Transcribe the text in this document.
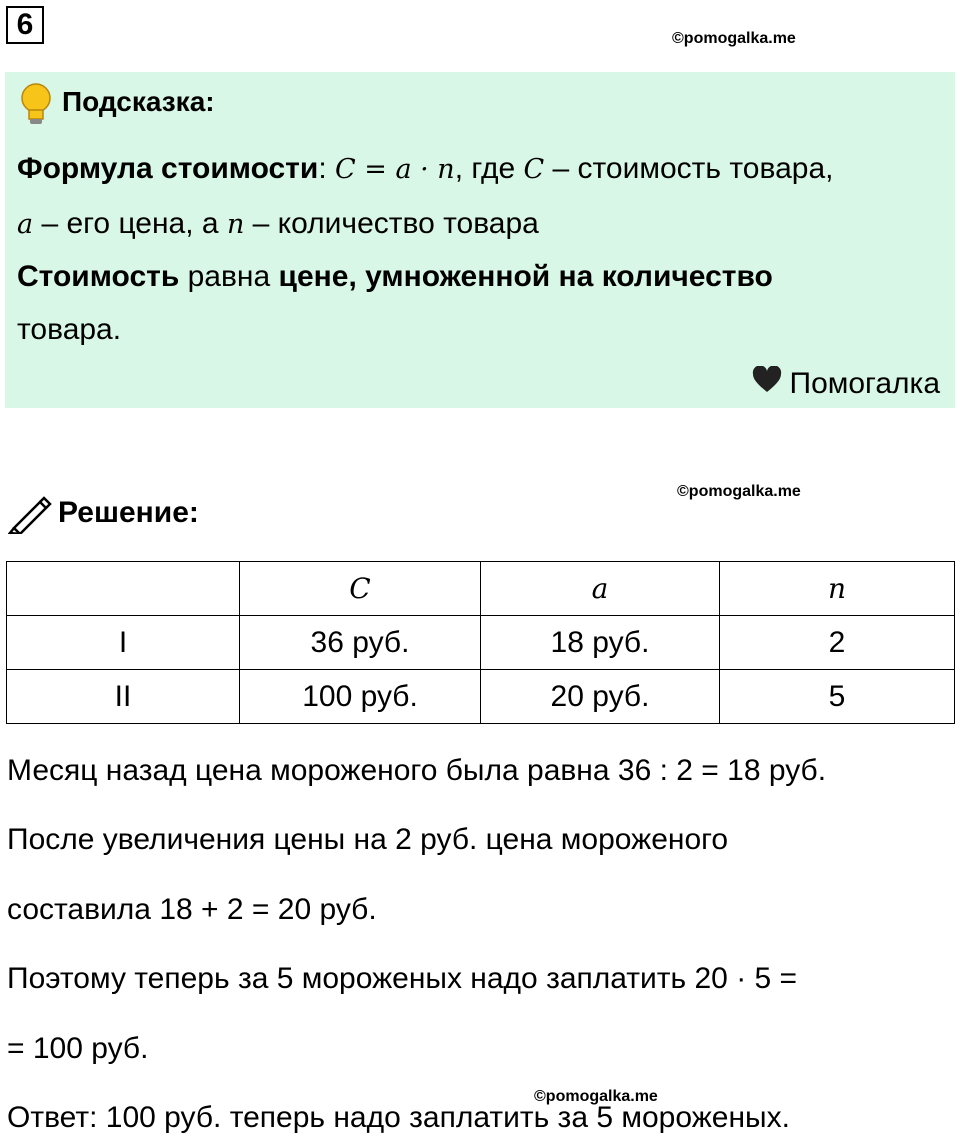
6	©pomogalka.me
Подсказка:
Формула стоимости: C = a · n, где C – стоимость товара,
a – его цена, а n – количество товара
Стоимость равна цене, умноженной на количество
товара.
Помогалка
Решение:
©pomogalka.me
	C	a	n
I	36 руб.	18 руб.	2
II	100 руб.	20 руб.	5
Месяц назад цена мороженого была равна 36 : 2 = 18 руб.
После увеличения цены на 2 руб. цена мороженого
составила 18 + 2 = 20 руб.
Поэтому теперь за 5 мороженых надо заплатить 20 · 5 =
= 100 руб.
©pomogalka.me
Ответ: 100 руб. теперь надо заплатить за 5 мороженых.
